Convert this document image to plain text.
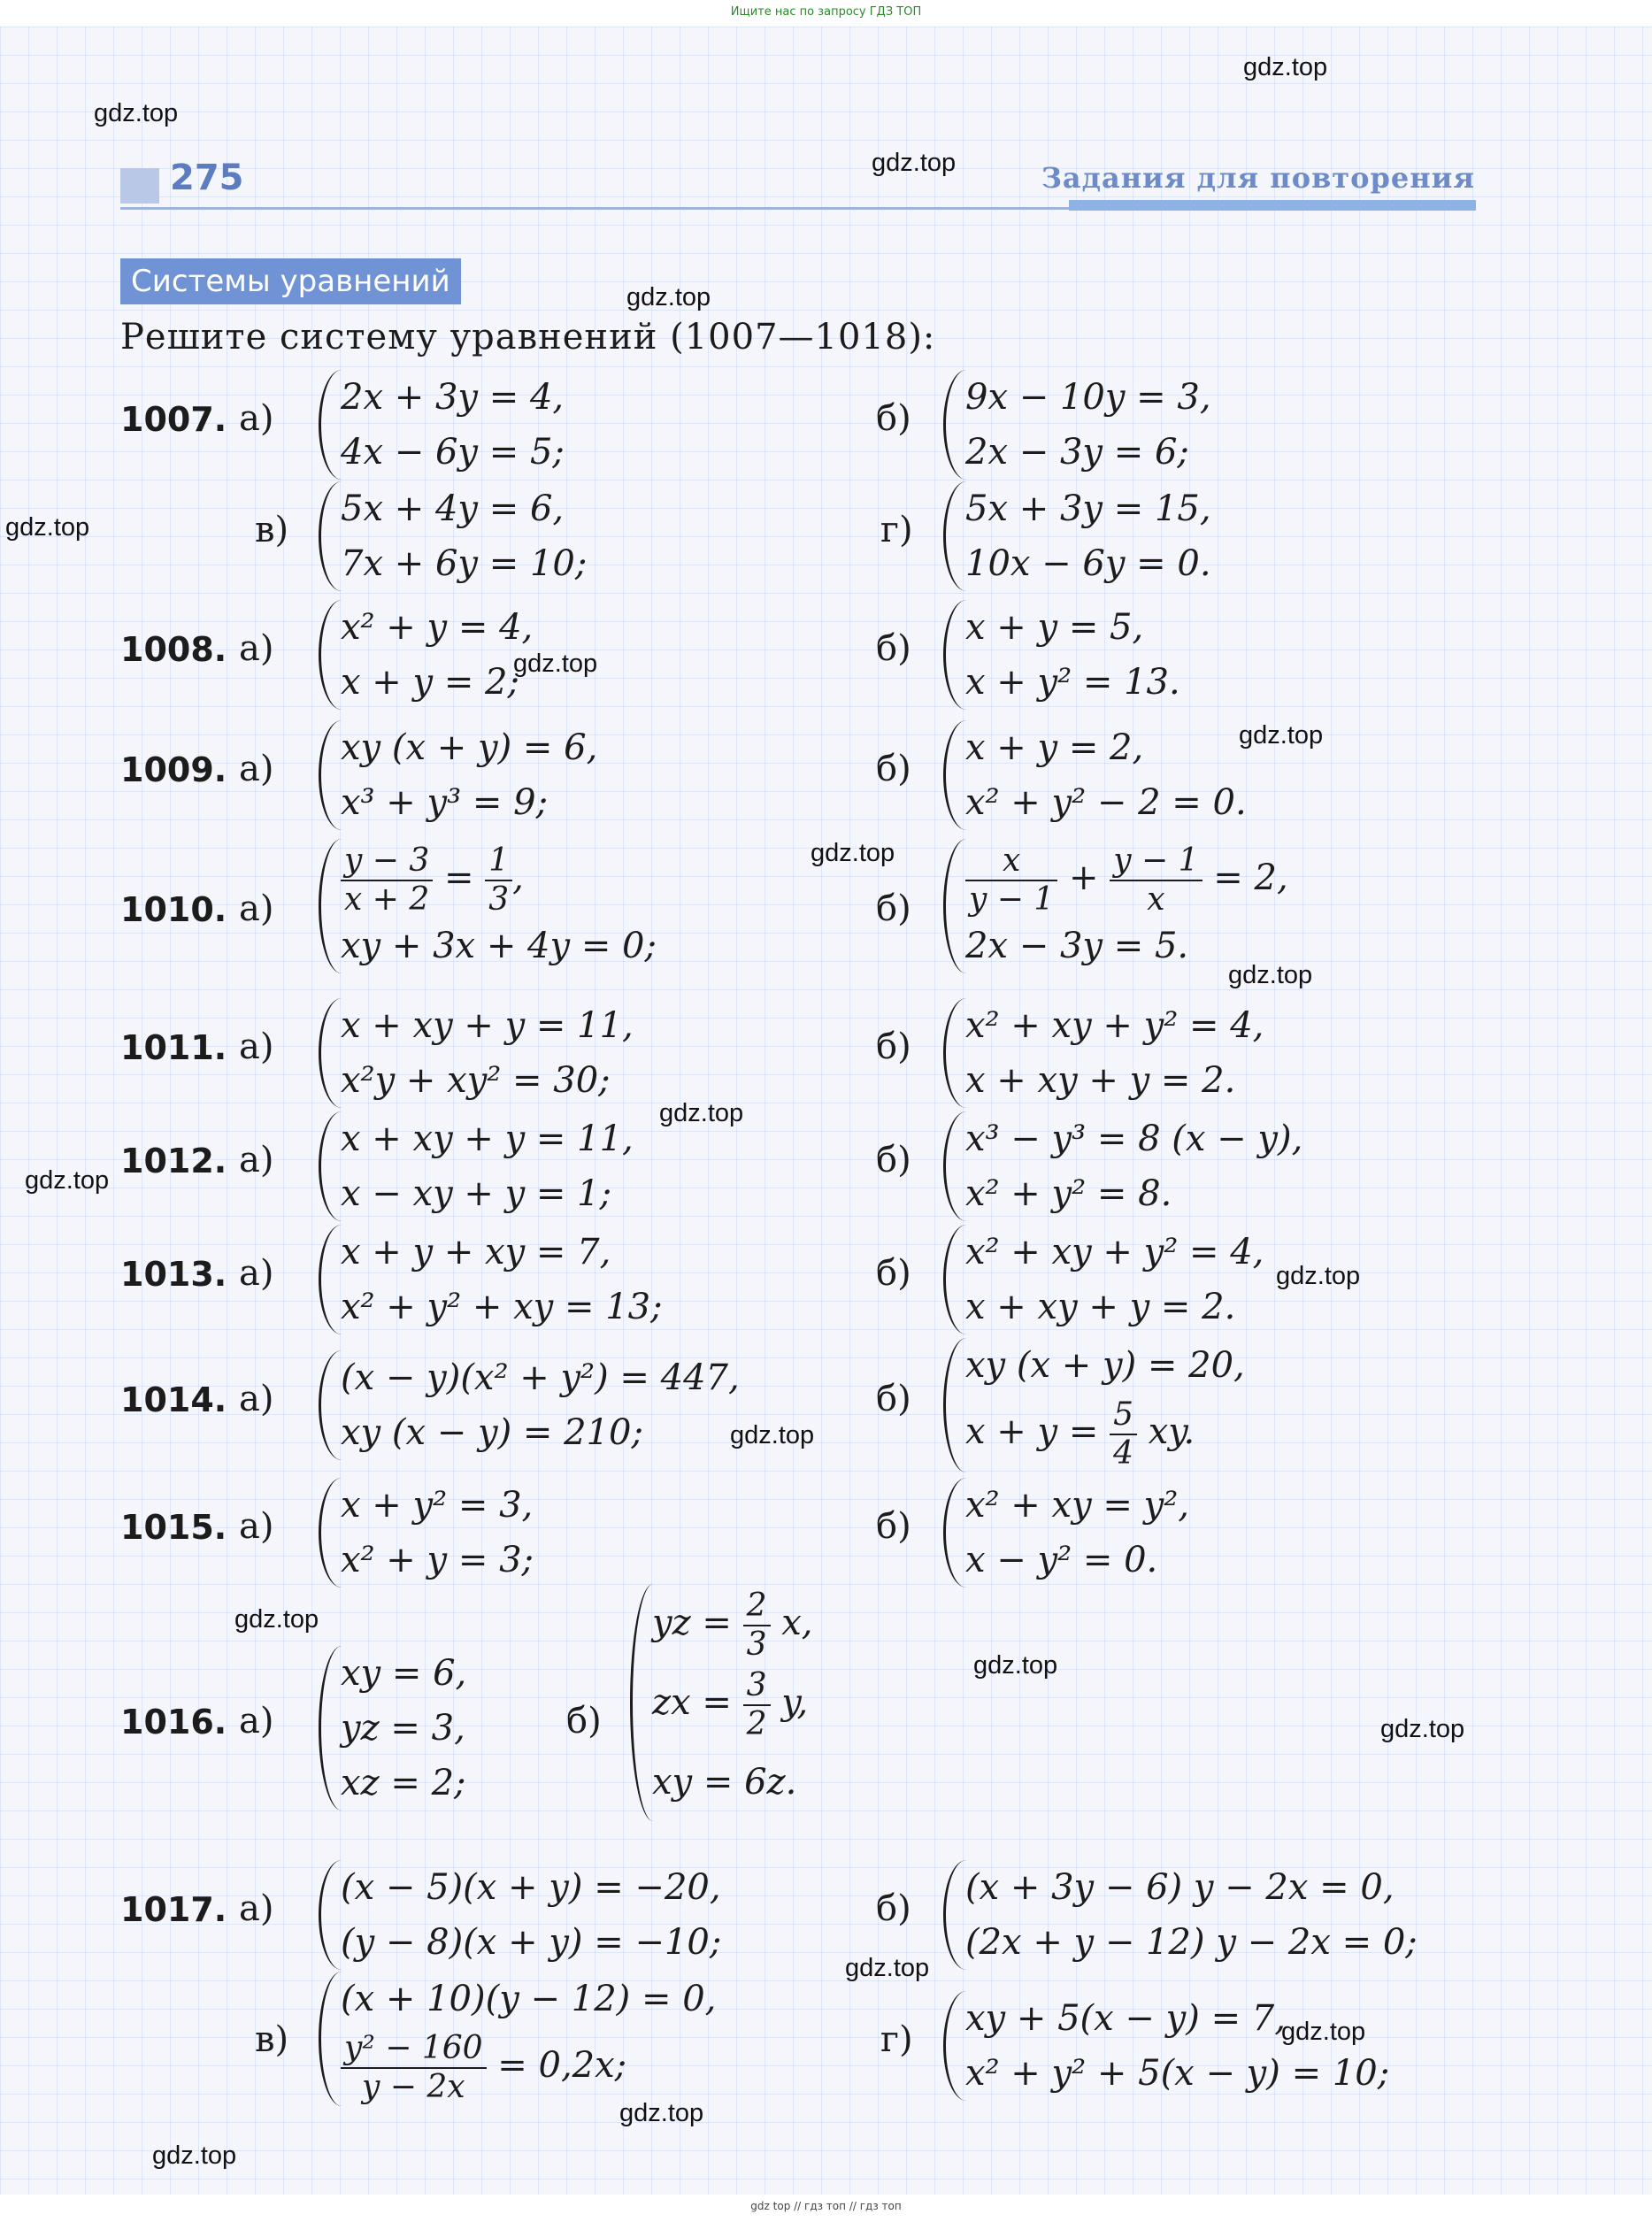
Ищите нас по запросу ГДЗ ТОП
gdz.top
gdz.top
gdz.top
gdz.top
gdz.top
gdz.top
gdz.top
gdz.top
gdz.top
gdz.top
gdz.top
gdz.top
gdz.top
gdz.top
gdz.top
gdz.top
gdz.top
gdz.top
gdz.top
gdz.top
275	Задания для повторения
Системы уравнений
Решите систему уравнений (1007—1018):
1007. а)
2x + 3y = 4,
4x − 6y = 5;
б)
9x − 10y = 3,
2x − 3y = 6;
в)
5x + 4y = 6,
7x + 6y = 10;
г)
5x + 3y = 15,
10x − 6y = 0.
1008. а)
x² + y = 4,
x + y = 2;
б)
x + y = 5,
x + y² = 13.
1009. а)
xy (x + y) = 6,
x³ + y³ = 9;
б)
x + y = 2,
x² + y² − 2 = 0.
1010. $а) \frac{y - 3}{x + 2} = \frac{1}{3}$ ,
xy + 3x + 4y = 0;
$б) \frac{x}{y - 1} + \frac{y - 1}{x} = 2$,
2x − 3y = 5.
1011. а)
x + xy + y = 11,
x²y + xy² = 30;
б)
x² + xy + y² = 4,
x + xy + y = 2.
1012. а)
x + xy + y = 11,
x − xy + y = 1;
б)
x³ − y³ = 8 (x − y),
x² + y² = 8.
1013. а)
x + y + xy = 7,
x² + y² + xy = 13;
б)
x² + xy + y² = 4,
x + xy + y = 2.
1014. а)
(x − y)(x² + y²) = 447,
xy (x − y) = 210;
б)
xy (x + y) = 20,
$x + y = \frac{5}{4}$ xy.
1015. а)
x + y² = 3,
x² + y = 3;
б)
x² + xy = y²,
x − y² = 0.
1016. а)
xy = 6,
yz = 3,
xz = 2;
б)
yz = $\frac{2}{3} x$,
zx = $\frac{3}{2} y$,
xy = 6z.
1017. а)
(x − 5)(x + y) = −20,
(y − 8)(x + y) = −10;
б)
(x + 3y − 6) y − 2x = 0,
(2x + y − 12) y − 2x = 0;
в)
(x + 10)(y − 12) = 0,
$\frac{\text{y² − 160}}{y - 2x} = 0,2x$;
г)
xy + 5(x − y) = 7,
x² + y² + 5(x − y) = 10;
gdz top // гдз топ // гдз топ
